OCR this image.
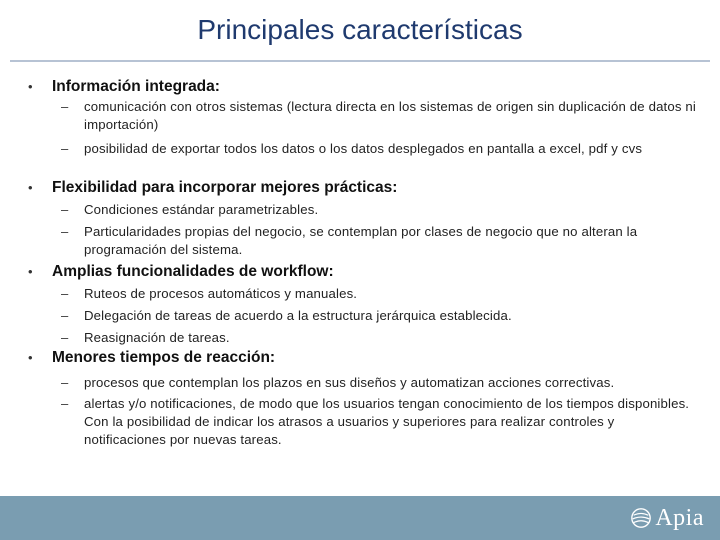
Principales características
• Información integrada:
– comunicación con otros sistemas (lectura directa en los sistemas de origen sin duplicación de datos ni importación)
– posibilidad de exportar todos los datos o los datos desplegados en pantalla a excel, pdf y cvs
• Flexibilidad para incorporar mejores prácticas:
– Condiciones estándar parametrizables.
– Particularidades propias del negocio, se contemplan por clases de negocio que no alteran la programación del sistema.
• Amplias funcionalidades de workflow:
– Ruteos de procesos automáticos y manuales.
– Delegación de tareas de acuerdo a la estructura jerárquica establecida.
– Reasignación de tareas.
• Menores tiempos de reacción:
– procesos que contemplan los plazos en sus diseños y automatizan acciones correctivas.
– alertas y/o notificaciones, de modo que los usuarios tengan conocimiento de los tiempos disponibles. Con la posibilidad de indicar los atrasos a usuarios y superiores para realizar controles y notificaciones por nuevas tareas.
Apia
